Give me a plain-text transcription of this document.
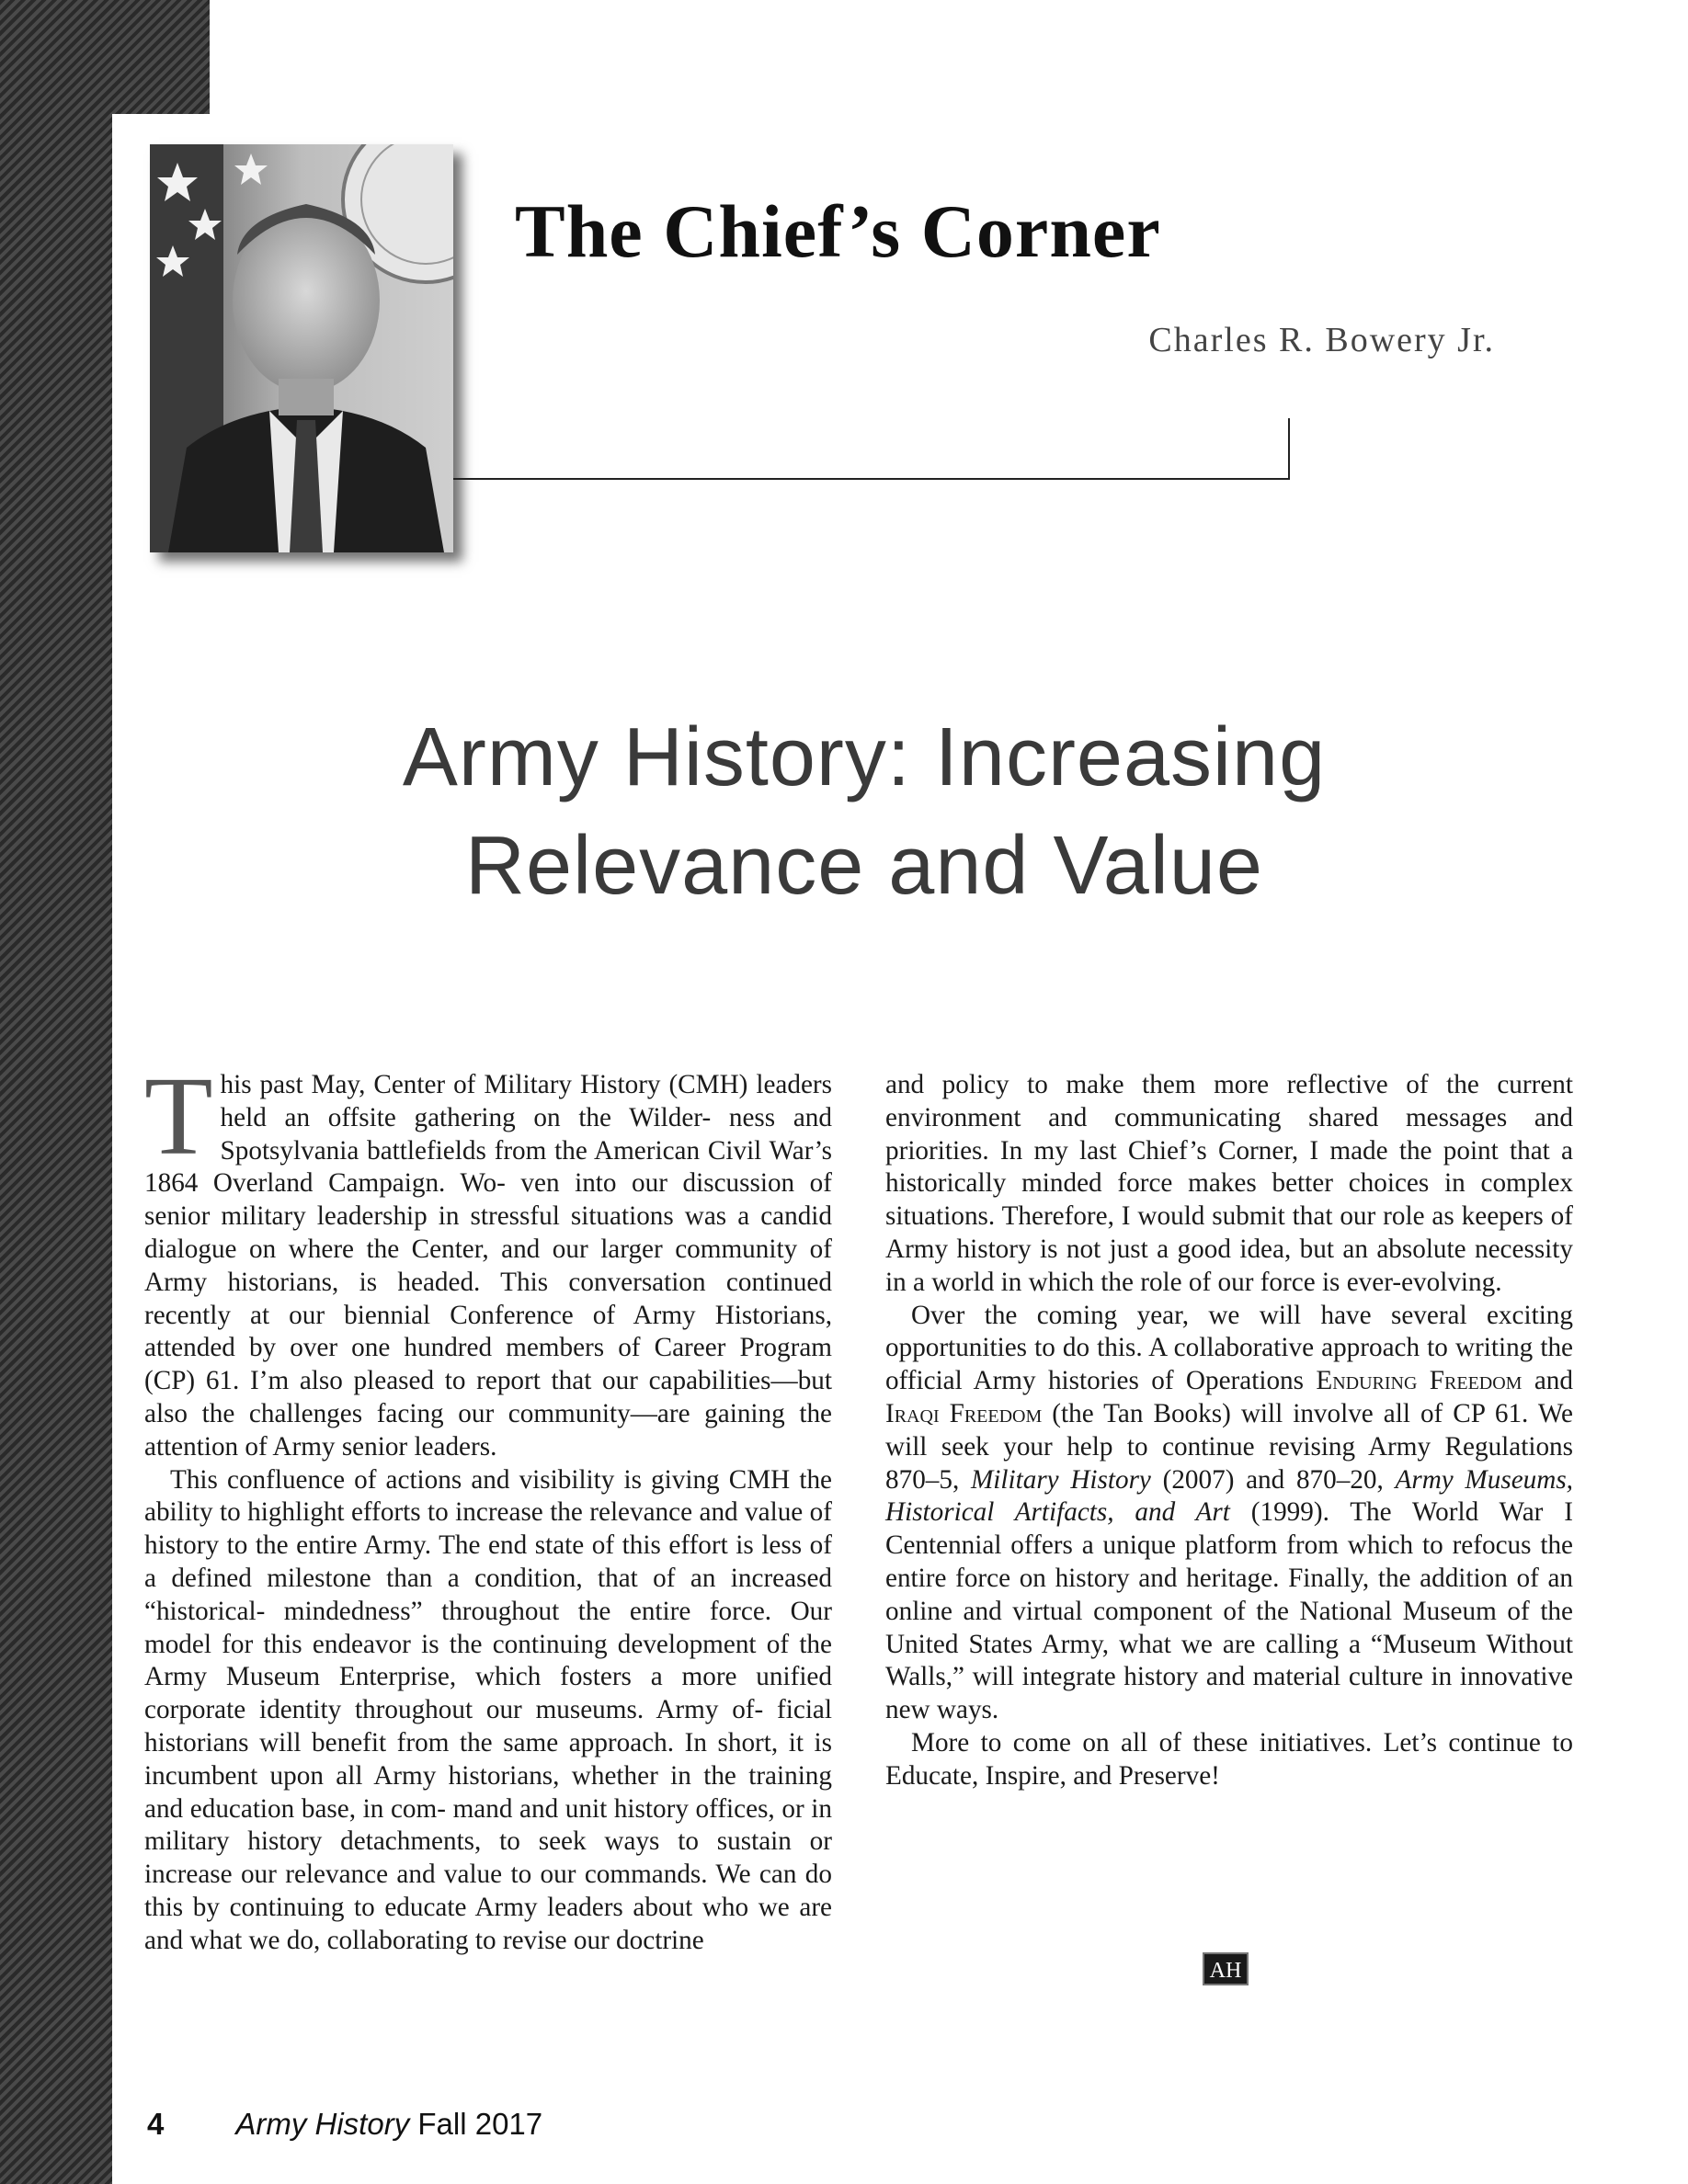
The Chief’s Corner
Charles R. Bowery Jr.
Army History: Increasing
Relevance and Value

This past May, Center of Military History (CMH) leaders held an offsite gathering on the Wilder- ness and Spotsylvania battlefields from the American Civil War’s 1864 Overland Campaign. Wo- ven into our discussion of senior military leadership in stressful situations was a candid dialogue on where the Center, and our larger community of Army historians, is headed. This conversation continued recently at our biennial Conference of Army Historians, attended by over one hundred members of Career Program (CP) 61. I’m also pleased to report that our capabilities—but also the challenges facing our community—are gaining the attention of Army senior leaders.

This confluence of actions and visibility is giving CMH the ability to highlight efforts to increase the relevance and value of history to the entire Army. The end state of this effort is less of a defined milestone than a condition, that of an increased “historical- mindedness” throughout the entire force. Our model for this endeavor is the continuing development of the Army Museum Enterprise, which fosters a more unified corporate identity throughout our museums. Army of- ficial historians will benefit from the same approach. In short, it is incumbent upon all Army historians, whether in the training and education base, in com- mand and unit history offices, or in military history detachments, to seek ways to sustain or increase our relevance and value to our commands. We can do this by continuing to educate Army leaders about who we are and what we do, collaborating to revise our doctrine

and policy to make them more reflective of the current environment and communicating shared messages and priorities. In my last Chief’s Corner, I made the point that a historically minded force makes better choices in complex situations. Therefore, I would submit that our role as keepers of Army history is not just a good idea, but an absolute necessity in a world in which the role of our force is ever-evolving.

Over the coming year, we will have several exciting opportunities to do this. A collaborative approach to writing the official Army histories of Operations Enduring Freedom and Iraqi Freedom (the Tan Books) will involve all of CP 61. We will seek your help to continue revising Army Regulations 870–5, Military History (2007) and 870–20, Army Museums, Historical Artifacts, and Art (1999). The World War I Centennial offers a unique platform from which to refocus the entire force on history and heritage. Finally, the addition of an online and virtual component of the National Museum of the United States Army, what we are calling a “Museum Without Walls,” will integrate history and material culture in innovative new ways.

More to come on all of these initiatives. Let’s continue to Educate, Inspire, and Preserve!

AH
4 Army History Fall 2017
